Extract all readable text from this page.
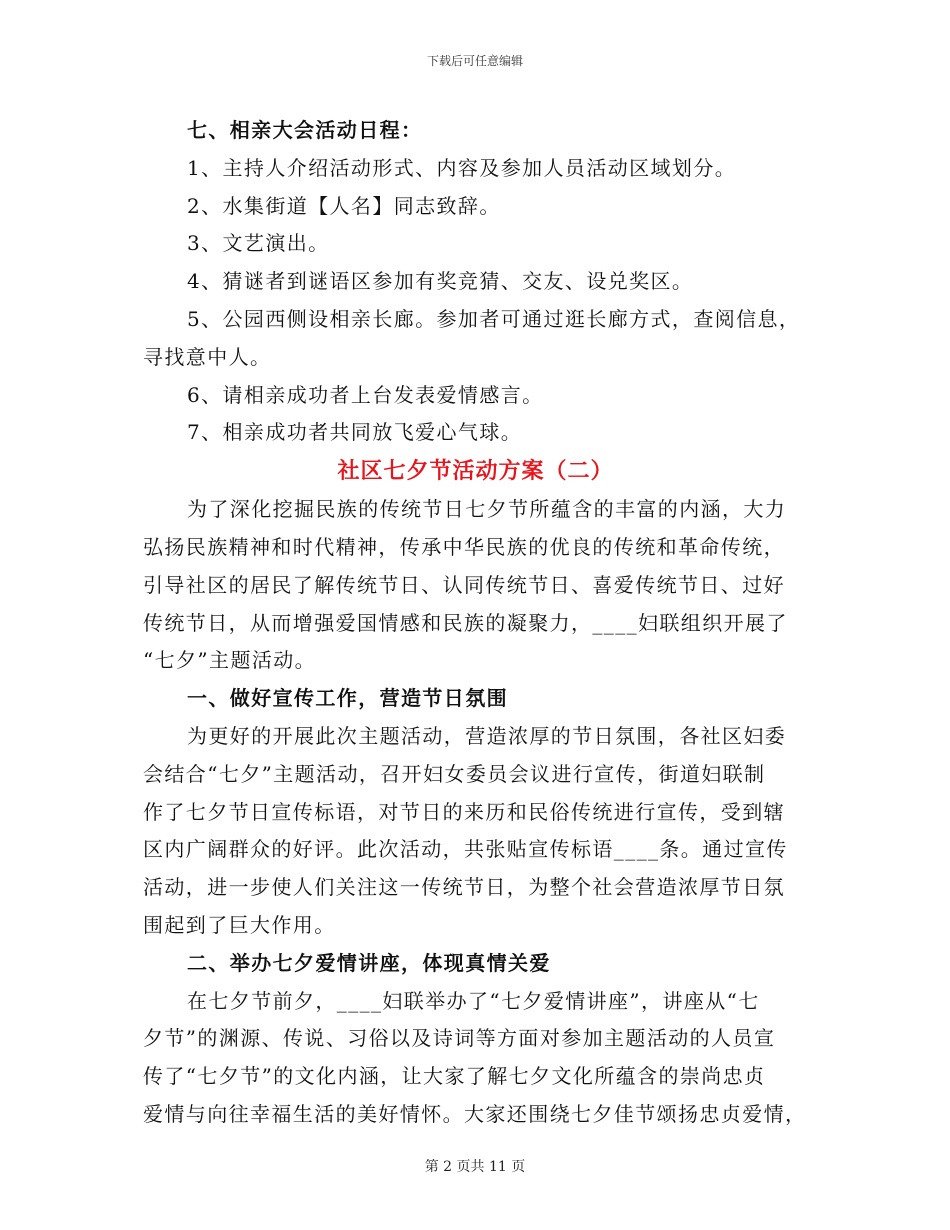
下载后可任意编辑
七、相亲大会活动日程：
1、主持人介绍活动形式、内容及参加人员活动区域划分。
2、水集街道【人名】同志致辞。
3、文艺演出。
4、猜谜者到谜语区参加有奖竞猜、交友、设兑奖区。
5、公园西侧设相亲长廊。参加者可通过逛长廊方式，查阅信息，
寻找意中人。
6、请相亲成功者上台发表爱情感言。
7、相亲成功者共同放飞爱心气球。
社区七夕节活动方案（二）
为了深化挖掘民族的传统节日七夕节所蕴含的丰富的内涵，大力
弘扬民族精神和时代精神，传承中华民族的优良的传统和革命传统，
引导社区的居民了解传统节日、认同传统节日、喜爱传统节日、过好
传统节日，从而增强爱国情感和民族的凝聚力，____妇联组织开展了
“七夕”主题活动。
一、做好宣传工作，营造节日氛围
为更好的开展此次主题活动，营造浓厚的节日氛围，各社区妇委
会结合“七夕”主题活动，召开妇女委员会议进行宣传，街道妇联制
作了七夕节日宣传标语，对节日的来历和民俗传统进行宣传，受到辖
区内广阔群众的好评。此次活动，共张贴宣传标语____条。通过宣传
活动，进一步使人们关注这一传统节日，为整个社会营造浓厚节日氛
围起到了巨大作用。
二、举办七夕爱情讲座，体现真情关爱
在七夕节前夕，____妇联举办了“七夕爱情讲座”，讲座从“七
夕节”的渊源、传说、习俗以及诗词等方面对参加主题活动的人员宣
传了“七夕节”的文化内涵，让大家了解七夕文化所蕴含的崇尚忠贞
爱情与向往幸福生活的美好情怀。大家还围绕七夕佳节颂扬忠贞爱情，
第 2 页共 11 页
